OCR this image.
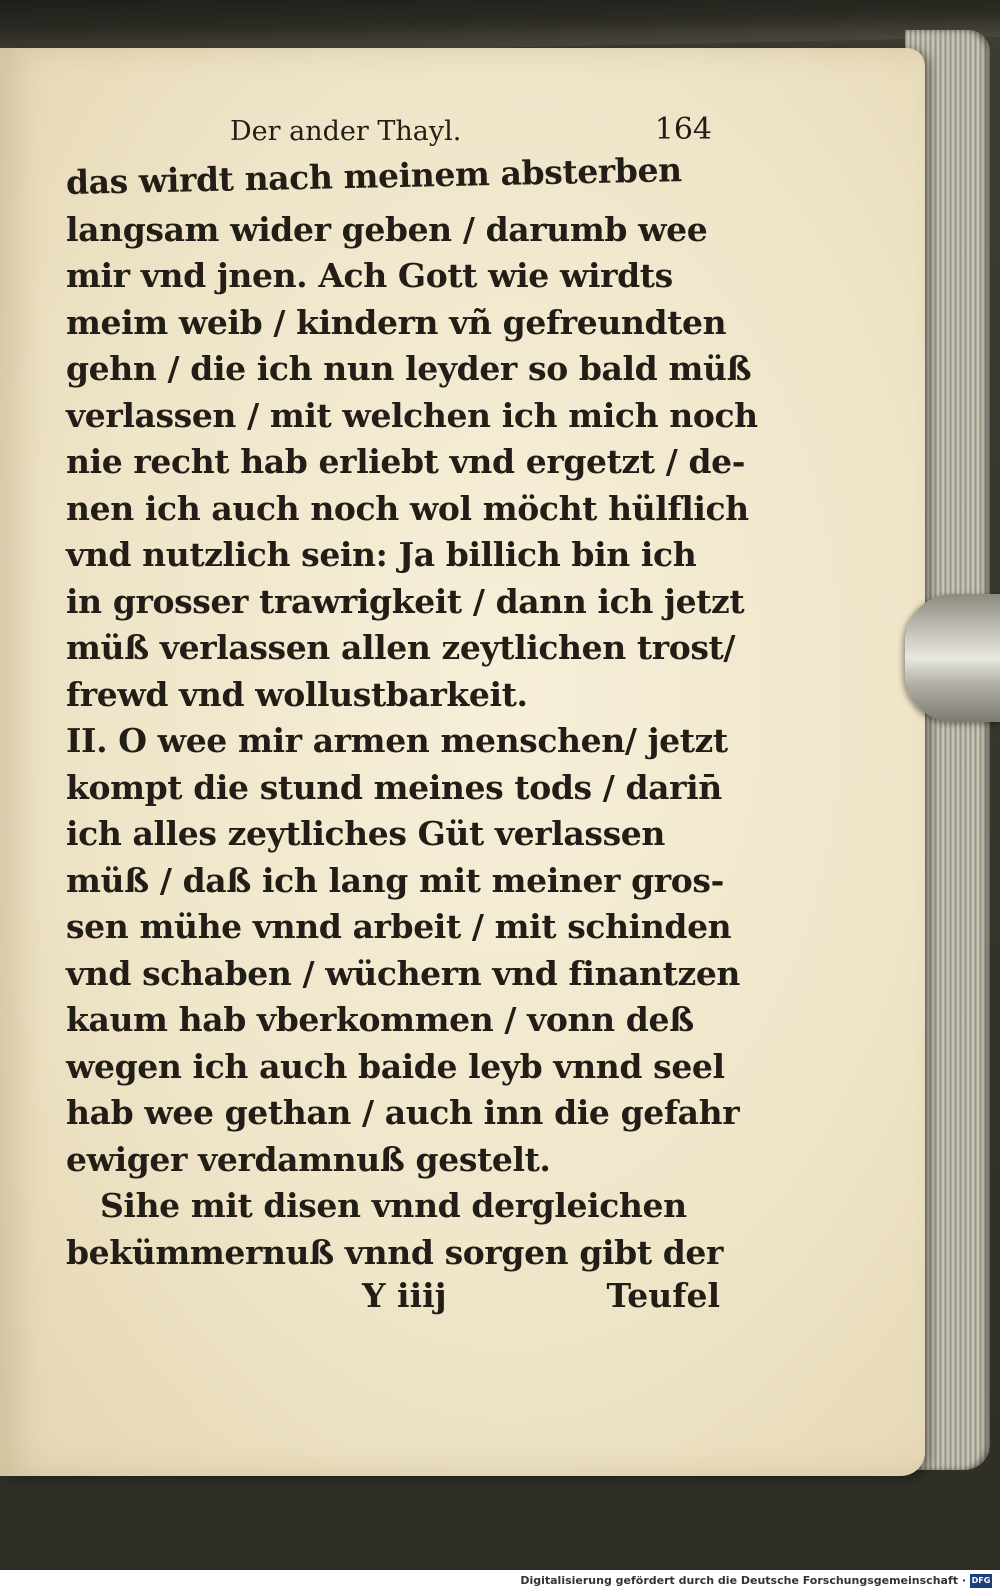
Der ander Thayl.	164
das wirdt nach meinem absterben
langsam wider geben / darumb wee
mir vnd jnen. Ach Gott wie wirdts
meim weib / kindern vñ gefreundten
gehn / die ich nun leyder so bald müß
verlassen / mit welchen ich mich noch
nie recht hab erliebt vnd ergetzt / de-
nen ich auch noch wol möcht hülflich
vnd nutzlich sein: Ja billich bin ich
in grosser trawrigkeit / dann ich jetzt
müß verlassen allen zeytlichen trost/
frewd vnd wollustbarkeit.
II. O wee mir armen menschen/ jetzt
kompt die stund meines tods / darin̄
ich alles zeytliches Güt verlassen
müß / daß ich lang mit meiner gros-
sen mühe vnnd arbeit / mit schinden
vnd schaben / wüchern vnd finantzen
kaum hab vberkommen / vonn deß
wegen ich auch baide leyb vnnd seel
hab wee gethan / auch inn die gefahr
ewiger verdamnuß gestelt.
Sihe mit disen vnnd dergleichen
bekümmernuß vnnd sorgen gibt der
Y iiij	Teufel
Digitalisierung gefördert durch die Deutsche Forschungsgemeinschaft · DFG
